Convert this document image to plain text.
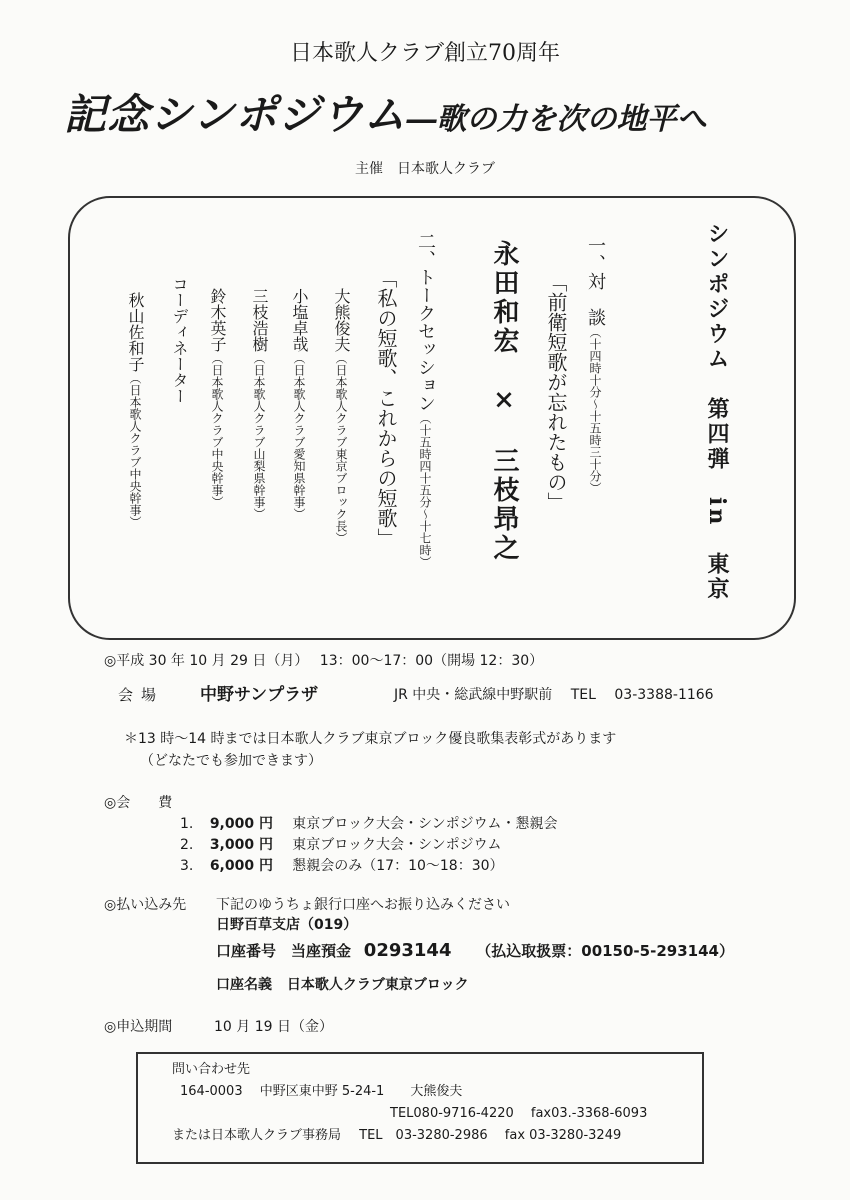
日本歌人クラブ創立70周年
記念シンポジウム―歌の力を次の地平へ
主催　日本歌人クラブ
シンポジウム　第四弾　in　東京
一、対　談（十四時十分～十五時三十分）
「前衛短歌が忘れたもの」
永田和宏　×　三枝昻之
二、トークセッション（十五時四十五分～十七時）
「私の短歌、これからの短歌」
大熊俊夫（日本歌人クラブ東京ブロック長）
小塩卓哉（日本歌人クラブ愛知県幹事）
三枝浩樹（日本歌人クラブ山梨県幹事）
鈴木英子（日本歌人クラブ中央幹事）
コーディネーター
秋山佐和子（日本歌人クラブ中央幹事）
◎平成 30 年 10 月 29 日（月）　 13：00～17：00（開場 12：30）
会場 中野サンプラザ	JR 中央・総武線中野駅前　 TEL 　03‑3388‑1166
＊13 時～14 時までは日本歌人クラブ東京ブロック優良歌集表彰式があります
（どなたでも参加できます）
◎会　　費
1. 9,000 円 東京ブロック大会・シンポジウム・懇親会
2. 3,000 円 東京ブロック大会・シンポジウム
3. 6,000 円 懇親会のみ（17：10～18：30）
◎払い込み先 下記のゆうちょ銀行口座へお振り込みください
日野百草支店（019）
口座番号　当座預金 0293144 （払込取扱票：00150‑5‑293144）
口座名義 日本歌人クラブ東京ブロック
◎申込期間	10 月 19 日（金）
問い合わせ先
164‑0003　 中野区東中野 5‑24‑1　　大熊俊夫
TEL080‑9716‑4220　 fax03.‑3368‑6093
または日本歌人クラブ事務局 TEL　03‑3280‑2986　 fax 03‑3280‑3249
